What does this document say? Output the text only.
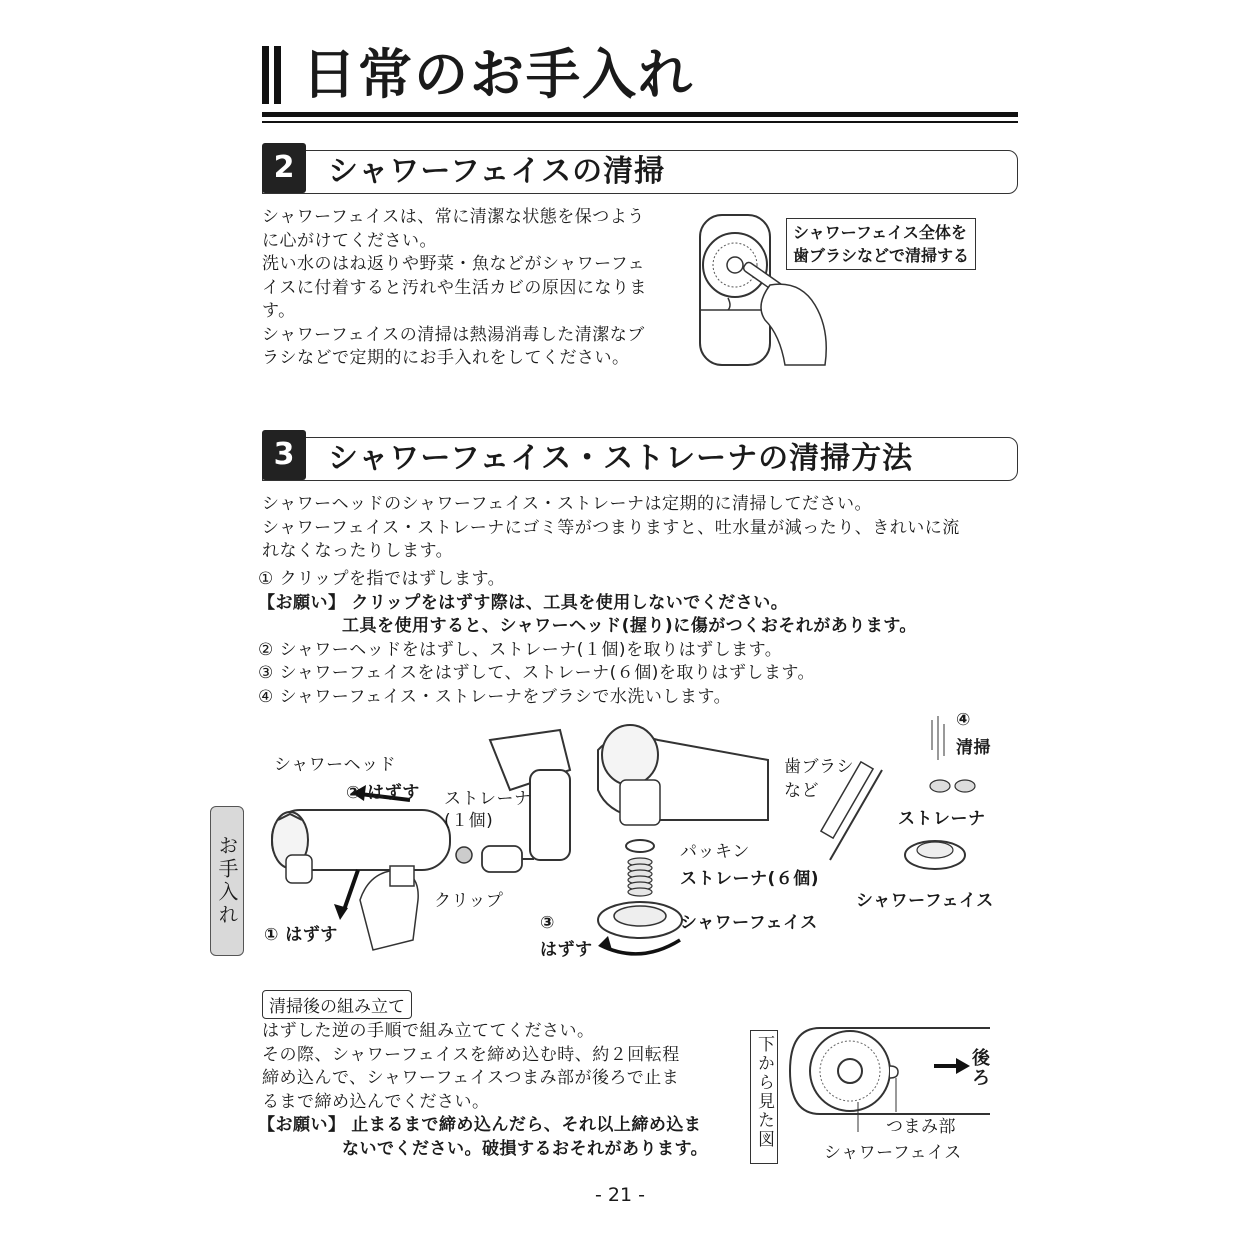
日常のお手入れ
2	シャワーフェイスの清掃
シャワーフェイスは、常に清潔な状態を保つよう
に心がけてください。
洗い水のはね返りや野菜・魚などがシャワーフェ
イスに付着すると汚れや生活カビの原因になりま
す。
シャワーフェイスの清掃は熱湯消毒した清潔なブ
ラシなどで定期的にお手入れをしてください。
シャワーフェイス全体を
歯ブラシなどで清掃する
3	シャワーフェイス・ストレーナの清掃方法
シャワーヘッドのシャワーフェイス・ストレーナは定期的に清掃してださい。
シャワーフェイス・ストレーナにゴミ等がつまりますと、吐水量が減ったり、きれいに流
れなくなったりします。
① クリップを指ではずします。
【お願い】 クリップをはずす際は、工具を使用しないでください。
工具を使用すると、シャワーヘッド(握り)に傷がつくおそれがあります。
② シャワーヘッドをはずし、ストレーナ(１個)を取りはずします。
③ シャワーフェイスをはずして、ストレーナ(６個)を取りはずします。
④ シャワーフェイス・ストレーナをブラシで水洗いします。
お手入れ
シャワーヘッド
② はずす ストレーナ
(１個)
クリップ
① はずす
パッキン
ストレーナ(６個)
シャワーフェイス
③
はずす
歯ブラシ
など
④
清掃
ストレーナ
シャワーフェイス
清掃後の組み立て
はずした逆の手順で組み立ててください。
その際、シャワーフェイスを締め込む時、約２回転程
締め込んで、シャワーフェイスつまみ部が後ろで止ま
るまで締め込んでください。
【お願い】 止まるまで締め込んだら、それ以上締め込ま
ないでください。破損するおそれがあります。	下から見た図	後
ろ
つまみ部
シャワーフェイス
- 21 -
